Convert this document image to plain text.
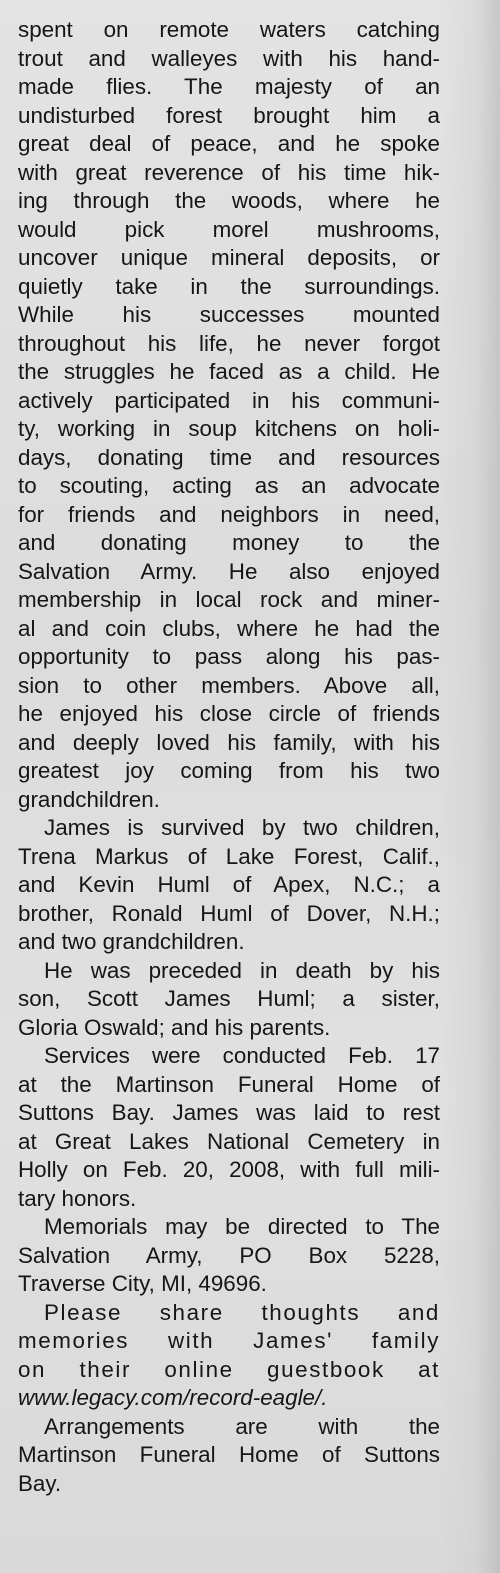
spent on remote waters catching
trout and walleyes with his hand-
made flies. The majesty of an
undisturbed forest brought him a
great deal of peace, and he spoke
with great reverence of his time hik-
ing through the woods, where he
would pick morel mushrooms,
uncover unique mineral deposits, or
quietly take in the surroundings.
While his successes mounted
throughout his life, he never forgot
the struggles he faced as a child. He
actively participated in his communi-
ty, working in soup kitchens on holi-
days, donating time and resources
to scouting, acting as an advocate
for friends and neighbors in need,
and donating money to the
Salvation Army. He also enjoyed
membership in local rock and miner-
al and coin clubs, where he had the
opportunity to pass along his pas-
sion to other members. Above all,
he enjoyed his close circle of friends
and deeply loved his family, with his
greatest joy coming from his two
grandchildren.

James is survived by two children,
Trena Markus of Lake Forest, Calif.,
and Kevin Huml of Apex, N.C.; a
brother, Ronald Huml of Dover, N.H.;
and two grandchildren.

He was preceded in death by his
son, Scott James Huml; a sister,
Gloria Oswald; and his parents.

Services were conducted Feb. 17
at the Martinson Funeral Home of
Suttons Bay. James was laid to rest
at Great Lakes National Cemetery in
Holly on Feb. 20, 2008, with full mili-
tary honors.

Memorials may be directed to The
Salvation Army, PO Box 5228,
Traverse City, MI, 49696.

Please share thoughts and
memories with James' family
on their online guestbook at
www.legacy.com/record-eagle/.

Arrangements are with the
Martinson Funeral Home of Suttons
Bay.
